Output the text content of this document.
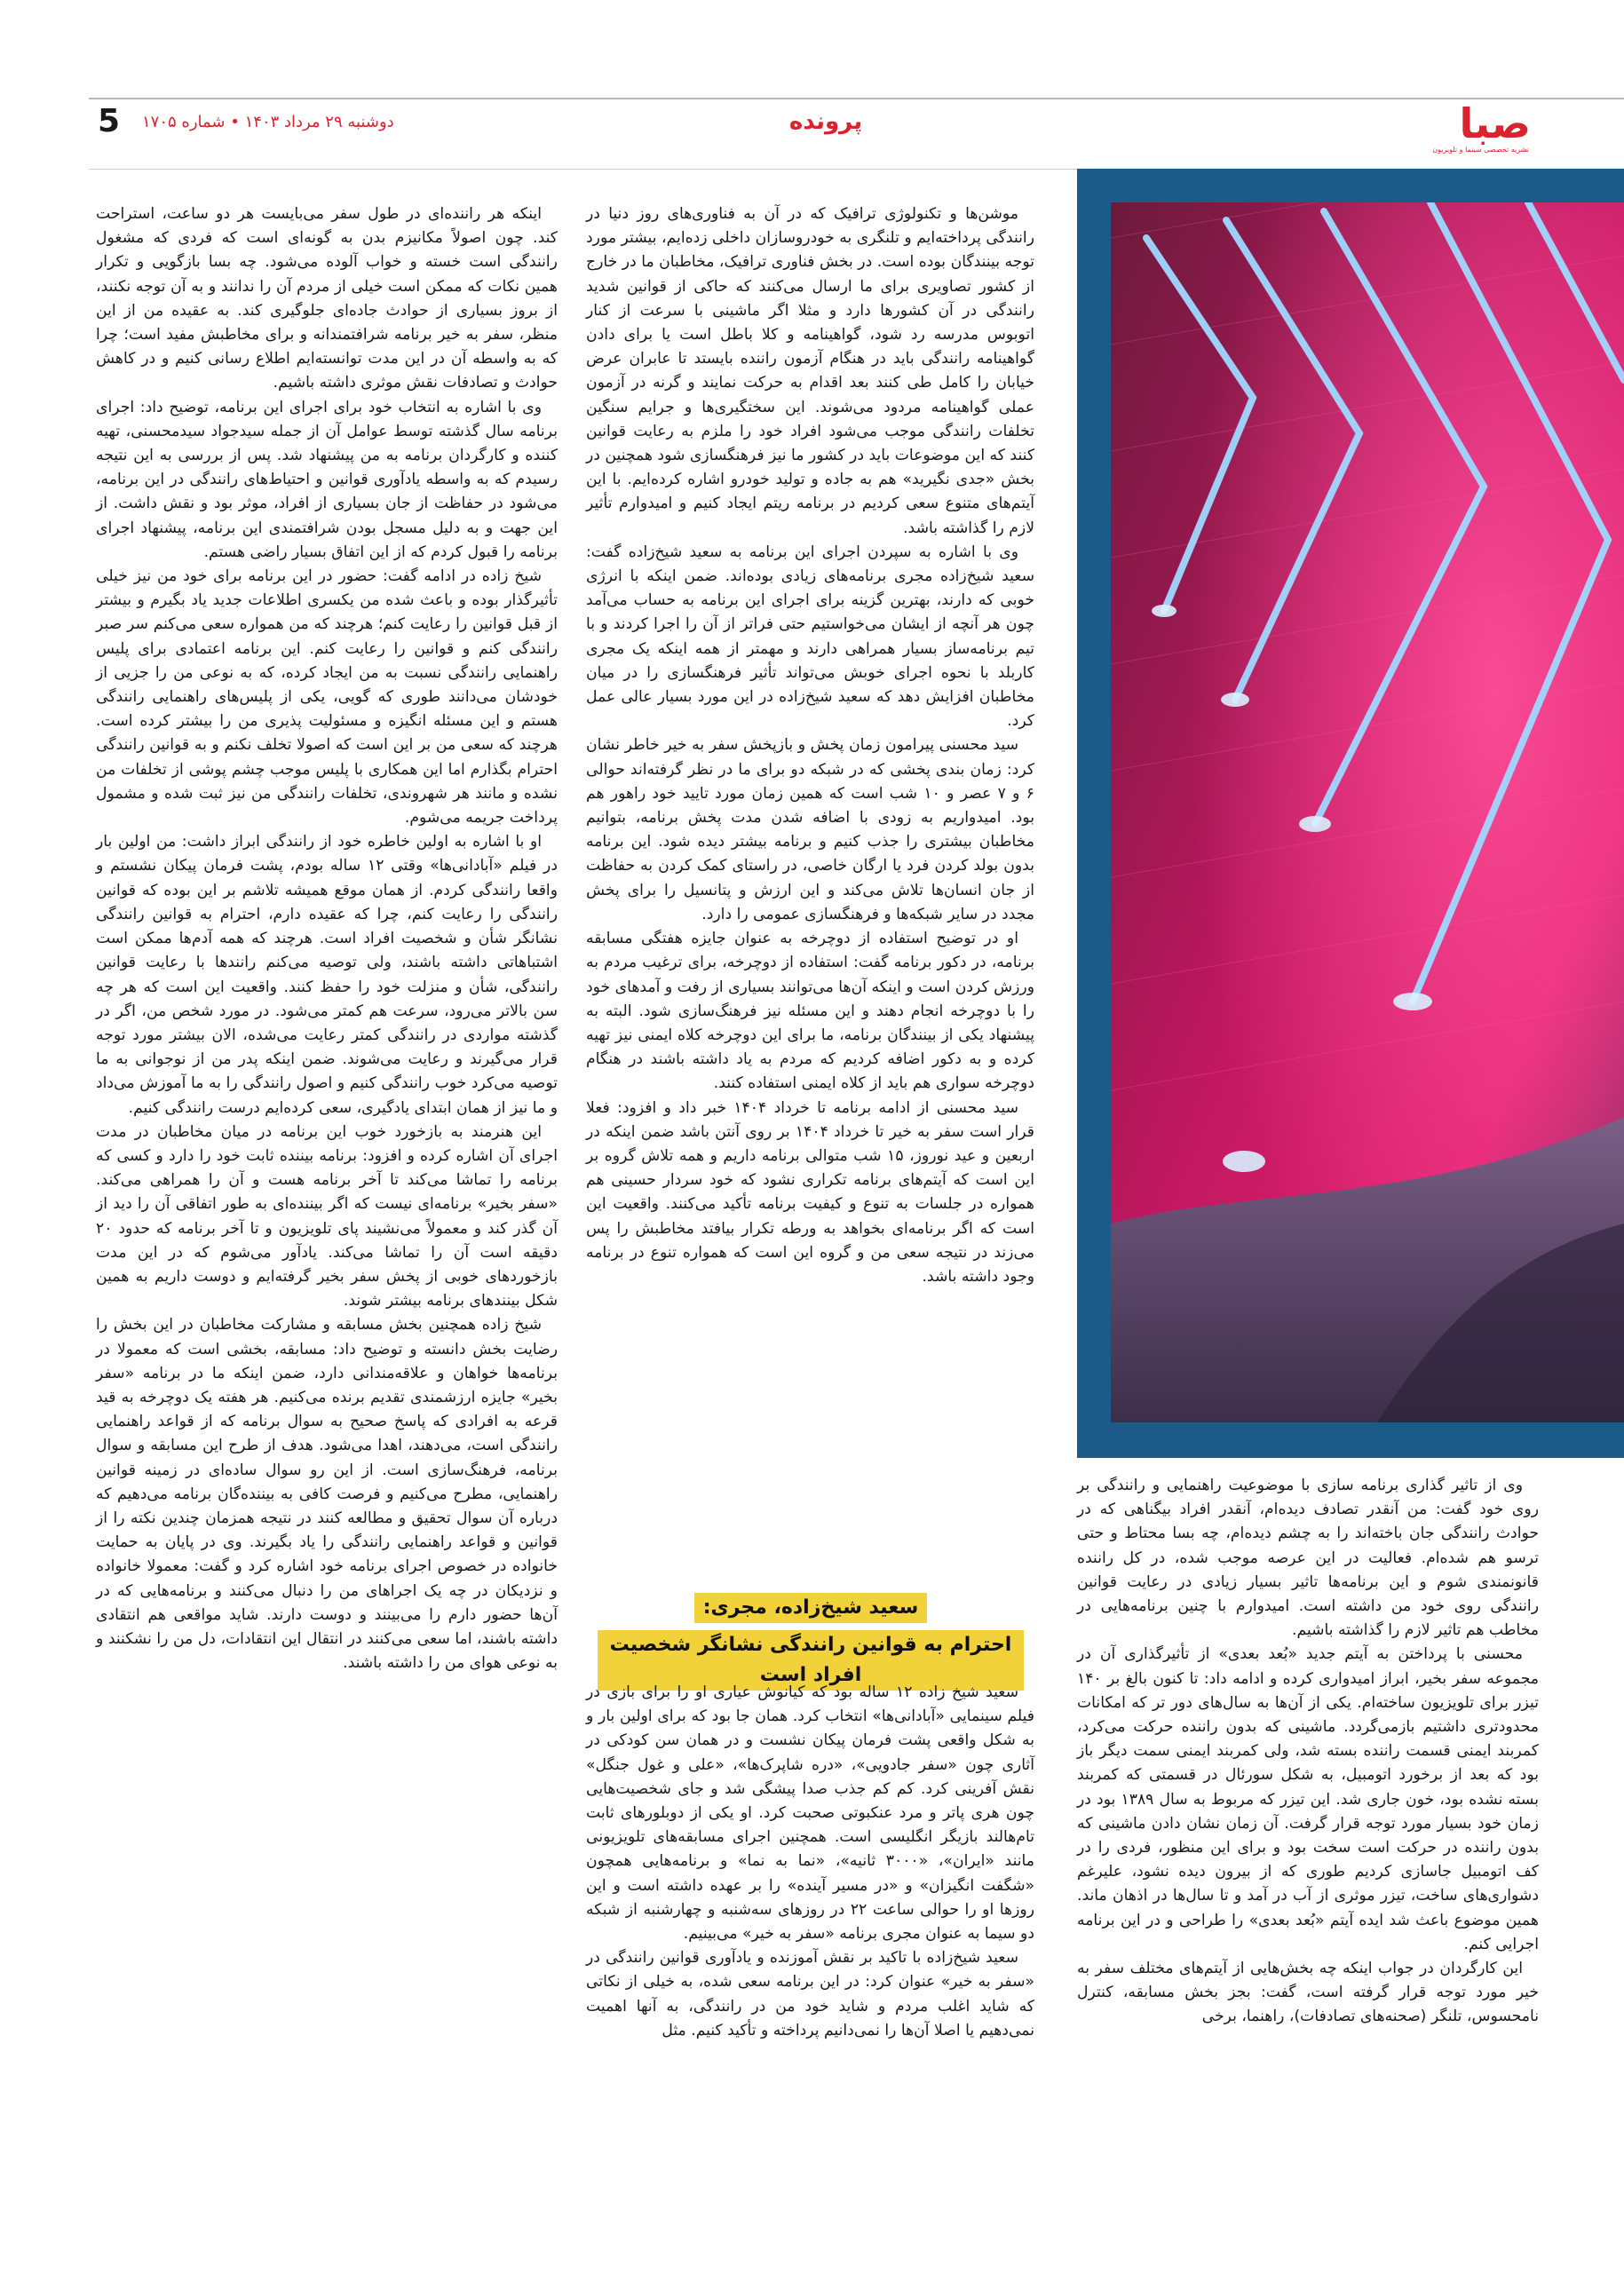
صبا
نشریه تخصصی سینما و تلویزیون
پرونده
دوشنبه ۲۹ مرداد ۱۴۰۳ • شماره ۱۷۰۵
5

اینکه هر راننده‌ای در طول سفر می‌بایست هر دو ساعت، استراحت کند. چون اصولاً مکانیزم بدن به گونه‌ای است که فردی که مشغول رانندگی است خسته و خواب آلوده می‌شود. چه بسا بازگویی و تکرار همین نکات که ممکن است خیلی از مردم آن را ندانند و به آن توجه نکنند، از بروز بسیاری از حوادث جاده‌ای جلوگیری کند. به عقیده من از این منظر، سفر به خیر برنامه شرافتمندانه و برای مخاطبش مفید است؛ چرا که به واسطه آن در این مدت توانسته‌ایم اطلاع رسانی کنیم و در کاهش حوادث و تصادفات نقش موثری داشته باشیم.

وی با اشاره به انتخاب خود برای اجرای این برنامه، توضیح داد: اجرای برنامه سال گذشته توسط عوامل آن از جمله سیدجواد سیدمحسنی، تهیه کننده و کارگردان برنامه به من پیشنهاد شد. پس از بررسی به این نتیجه رسیدم که به واسطه یادآوری قوانین و احتیاط‌های رانندگی در این برنامه، می‌شود در حفاظت از جان بسیاری از افراد، موثر بود و نقش داشت. از این جهت و به دلیل مسجل بودن شرافتمندی این برنامه، پیشنهاد اجرای برنامه را قبول کردم که از این اتفاق بسیار راضی هستم.

شیخ زاده در ادامه گفت: حضور در این برنامه برای خود من نیز خیلی تأثیرگذار بوده و باعث شده من یکسری اطلاعات جدید یاد بگیرم و بیشتر از قبل قوانین را رعایت کنم؛ هرچند که من همواره سعی می‌کنم سر صبر رانندگی کنم و قوانین را رعایت کنم. این برنامه اعتمادی برای پلیس راهنمایی رانندگی نسبت به من ایجاد کرده، که به نوعی من را جزیی از خودشان می‌دانند طوری که گویی، یکی از پلیس‌های راهنمایی رانندگی هستم و این مسئله انگیزه و مسئولیت پذیری من را بیشتر کرده است. هرچند که سعی من بر این است که اصولا تخلف نکنم و به قوانین رانندگی احترام بگذارم اما این همکاری با پلیس موجب چشم پوشی از تخلفات من نشده و مانند هر شهروندی، تخلفات رانندگی من نیز ثبت شده و مشمول پرداخت جریمه می‌شوم.

او با اشاره به اولین خاطره خود از رانندگی ابراز داشت: من اولین بار در فیلم «آبادانی‌ها» وقتی ۱۲ ساله بودم، پشت فرمان پیکان نشستم و واقعا رانندگی کردم. از همان موقع همیشه تلاشم بر این بوده که قوانین رانندگی را رعایت کنم، چرا که عقیده دارم، احترام به قوانین رانندگی نشانگر شأن و شخصیت افراد است. هرچند که همه آدم‌ها ممکن است اشتباهاتی داشته باشند، ولی توصیه می‌کنم رانندها با رعایت قوانین رانندگی، شأن و منزلت خود را حفظ کنند. واقعیت این است که هر چه سن بالاتر می‌رود، سرعت هم کمتر می‌شود. در مورد شخص من، اگر در گذشته مواردی در رانندگی کمتر رعایت می‌شده، الان بیشتر مورد توجه قرار می‌گیرند و رعایت می‌شوند. ضمن اینکه پدر من از نوجوانی به ما توصیه می‌کرد خوب رانندگی کنیم و اصول رانندگی را به ما آموزش می‌داد و ما نیز از همان ابتدای یادگیری، سعی کرده‌ایم درست رانندگی کنیم.

این هنرمند به بازخورد خوب این برنامه در میان مخاطبان در مدت اجرای آن اشاره کرده و افزود: برنامه بیننده ثابت خود را دارد و کسی که برنامه را تماشا می‌کند تا آخر برنامه هست و آن را همراهی می‌کند. «سفر بخیر» برنامه‌ای نیست که اگر بیننده‌ای به طور اتفاقی آن را دید از آن گذر کند و معمولاً می‌نشیند پای تلویزیون و تا آخر برنامه که حدود ۲۰ دقیقه است آن را تماشا می‌کند. یادآور می‌شوم که در این مدت بازخوردهای خوبی از پخش سفر بخیر گرفته‌ایم و دوست داریم به همین شکل بینندهای برنامه بیشتر شوند.

شیخ زاده همچنین بخش مسابقه و مشارکت مخاطبان در این بخش را رضایت بخش دانسته و توضیح داد: مسابقه، بخشی است که معمولا در برنامه‌ها خواهان و علاقه‌مندانی دارد، ضمن اینکه ما در برنامه «سفر بخیر» جایزه ارزشمندی تقدیم برنده می‌کنیم. هر هفته یک دوچرخه به قید قرعه به افرادی که پاسخ صحیح به سوال برنامه که از قواعد راهنمایی رانندگی است، می‌دهند، اهدا می‌شود. هدف از طرح این مسابقه و سوال برنامه، فرهنگ‌سازی است. از این رو سوال ساده‌ای در زمینه قوانین راهنمایی، مطرح می‌کنیم و فرصت کافی به بیننده‌گان برنامه می‌دهیم که درباره آن سوال تحقیق و مطالعه کنند در نتیجه همزمان چندین نکته را از قوانین و قواعد راهنمایی رانندگی را یاد بگیرند. وی در پایان به حمایت خانواده در خصوص اجرای برنامه خود اشاره کرد و گفت: معمولا خانواده و نزدیکان در چه یک اجراهای من را دنبال می‌کنند و برنامه‌هایی که در آن‌ها حضور دارم را می‌بینند و دوست دارند. شاید مواقعی هم انتقادی داشته باشند، اما سعی می‌کنند در انتقال این انتقادات، دل من را نشکنند و به نوعی هوای من را داشته باشند.

موشن‌ها و تکنولوژی ترافیک که در آن به فناوری‌های روز دنیا در رانندگی پرداخته‌ایم و تلنگری به خودروسازان داخلی زده‌ایم، بیشتر مورد توجه بینندگان بوده است. در بخش فناوری ترافیک، مخاطبان ما در خارج از کشور تصاویری برای ما ارسال می‌کنند که حاکی از قوانین شدید رانندگی در آن کشورها دارد و مثلا اگر ماشینی با سرعت از کنار اتوبوس مدرسه رد شود، گواهینامه و کلا باطل است یا برای دادن گواهینامه رانندگی باید در هنگام آزمون راننده بایستد تا عابران عرض خیابان را کامل طی کنند بعد اقدام به حرکت نمایند و گرنه در آزمون عملی گواهینامه مردود می‌شوند. این سختگیری‌ها و جرایم سنگین تخلفات رانندگی موجب می‌شود افراد خود را ملزم به رعایت قوانین کنند که این موضوعات باید در کشور ما نیز فرهنگسازی شود همچنین در بخش «جدی نگیرید» هم به جاده و تولید خودرو اشاره کرده‌ایم. با این آیتم‌های متنوع سعی کردیم در برنامه ریتم ایجاد کنیم و امیدوارم تأثیر لازم را گذاشته باشد.

وی با اشاره به سپردن اجرای این برنامه به سعید شیخ‌زاده گفت: سعید شیخ‌زاده مجری برنامه‌های زیادی بوده‌اند. ضمن اینکه با انرژی خوبی که دارند، بهترین گزینه برای اجرای این برنامه به حساب می‌آمد چون هر آنچه از ایشان می‌خواستیم حتی فراتر از آن را اجرا کردند و با تیم برنامه‌ساز بسیار همراهی دارند و مهمتر از همه اینکه یک مجری کاربلد با نحوه اجرای خوبش می‌تواند تأثیر فرهنگسازی را در میان مخاطبان افزایش دهد که سعید شیخ‌زاده در این مورد بسیار عالی عمل کرد.

سید محسنی پیرامون زمان پخش و بازپخش سفر به خیر خاطر نشان کرد: زمان بندی پخشی که در شبکه دو برای ما در نظر گرفته‌اند حوالی ۶ و ۷ عصر و ۱۰ شب است که همین زمان مورد تایید خود راهور هم بود. امیدواریم به زودی با اضافه شدن مدت پخش برنامه، بتوانیم مخاطبان بیشتری را جذب کنیم و برنامه بیشتر دیده شود. این برنامه بدون بولد کردن فرد یا ارگان خاصی، در راستای کمک کردن به حفاظت از جان انسان‌ها تلاش می‌کند و این ارزش و پتانسیل را برای پخش مجدد در سایر شبکه‌ها و فرهنگسازی عمومی را دارد.

او در توضیح استفاده از دوچرخه به عنوان جایزه هفتگی مسابقه برنامه، در دکور برنامه گفت: استفاده از دوچرخه، برای ترغیب مردم به ورزش کردن است و اینکه آن‌ها می‌توانند بسیاری از رفت و آمدهای خود را با دوچرخه انجام دهند و این مسئله نیز فرهنگ‌سازی شود. البته به پیشنهاد یکی از بینندگان برنامه، ما برای این دوچرخه کلاه ایمنی نیز تهیه کرده و به دکور اضافه کردیم که مردم به یاد داشته باشند در هنگام دوچرخه سواری هم باید از کلاه ایمنی استفاده کنند.

سید محسنی از ادامه برنامه تا خرداد ۱۴۰۴ خبر داد و افزود: فعلا قرار است سفر به خیر تا خرداد ۱۴۰۴ بر روی آنتن باشد ضمن اینکه در اربعین و عید نوروز، ۱۵ شب متوالی برنامه داریم و همه تلاش گروه بر این است که آیتم‌های برنامه تکراری نشود که خود سردار حسینی هم همواره در جلسات به تنوع و کیفیت برنامه تأکید می‌کنند. واقعیت این است که اگر برنامه‌ای بخواهد به ورطه تکرار بیافتد مخاطبش را پس می‌زند در نتیجه سعی من و گروه این است که همواره تنوع در برنامه وجود داشته باشد.

سعید شیخ‌زاده، مجری:
احترام به قوانین رانندگی نشانگر شخصیت افراد است

سعید شیخ زاده ۱۲ ساله بود که کیانوش عیاری او را برای بازی در فیلم سینمایی «آبادانی‌ها» انتخاب کرد. همان جا بود که برای اولین بار و به شکل واقعی پشت فرمان پیکان نشست و در همان سن کودکی در آثاری چون «سفر جادویی»، «دره شاپرک‌ها»، «علی و غول جنگل» نقش آفرینی کرد. کم کم جذب صدا پیشگی شد و جای شخصیت‌هایی چون هری پاتر و مرد عنکبوتی صحبت کرد. او یکی از دوبلورهای ثابت تام‌هالند بازیگر انگلیسی است. همچنین اجرای مسابقه‌های تلویزیونی مانند «ایران»، «۳۰۰۰ ثانیه»، «نما به نما» و برنامه‌هایی همچون «شگفت انگیزان» و «در مسیر آینده» را بر عهده داشته است و این روزها او را حوالی ساعت ۲۲ در روزهای سه‌شنبه و چهارشنبه از شبکه دو سیما به عنوان مجری برنامه «سفر به خیر» می‌بینیم.

سعید شیخ‌زاده با تاکید بر نقش آموزنده و یادآوری قوانین رانندگی در «سفر به خیر» عنوان کرد: در این برنامه سعی شده، به خیلی از نکاتی که شاید اغلب مردم و شاید خود من در رانندگی، به آنها اهمیت نمی‌دهیم یا اصلا آن‌ها را نمی‌دانیم پرداخته و تأکید کنیم. مثل

وی از تاثیر گذاری برنامه سازی با موضوعیت راهنمایی و رانندگی بر روی خود گفت: من آنقدر تصادف دیده‌ام، آنقدر افراد بیگناهی که در حوادث رانندگی جان باخته‌اند را به چشم دیده‌ام، چه بسا محتاط و حتی ترسو هم شده‌ام. فعالیت در این عرصه موجب شده، در کل راننده قانونمندی شوم و این برنامه‌ها تاثیر بسیار زیادی در رعایت قوانین رانندگی روی خود من داشته است. امیدوارم با چنین برنامه‌هایی در مخاطب هم تاثیر لازم را گذاشته باشیم.

محسنی با پرداختن به آیتم جدید «بُعد بعدی» از تأثیرگذاری آن در مجموعه سفر بخیر، ابراز امیدواری کرده و ادامه داد: تا کنون بالغ بر ۱۴۰ تیزر برای تلویزیون ساخته‌ام. یکی از آن‌ها به سال‌های دور تر که امکانات محدودتری داشتیم بازمی‌گردد. ماشینی که بدون راننده حرکت می‌کرد، کمربند ایمنی قسمت راننده بسته شد، ولی کمربند ایمنی سمت دیگر باز بود که بعد از برخورد اتومبیل، به شکل سورئال در قسمتی که کمربند بسته نشده بود، خون جاری شد. این تیزر که مربوط به سال ۱۳۸۹ بود در زمان خود بسیار مورد توجه قرار گرفت. آن زمان نشان دادن ماشینی که بدون راننده در حرکت است سخت بود و برای این منظور، فردی را در کف اتومبیل جاسازی کردیم طوری که از بیرون دیده نشود، علیرغم دشواری‌های ساخت، تیزر موثری از آب در آمد و تا سال‌ها در اذهان ماند. همین موضوع باعث شد ایده آیتم «بُعد بعدی» را طراحی و در این برنامه اجرایی کنم.

این کارگردان در جواب اینکه چه بخش‌هایی از آیتم‌های مختلف سفر به خیر مورد توجه قرار گرفته است، گفت: بجز بخش مسابقه، کنترل نامحسوس، تلنگر (صحنه‌های تصادفات)، راهنما، برخی
